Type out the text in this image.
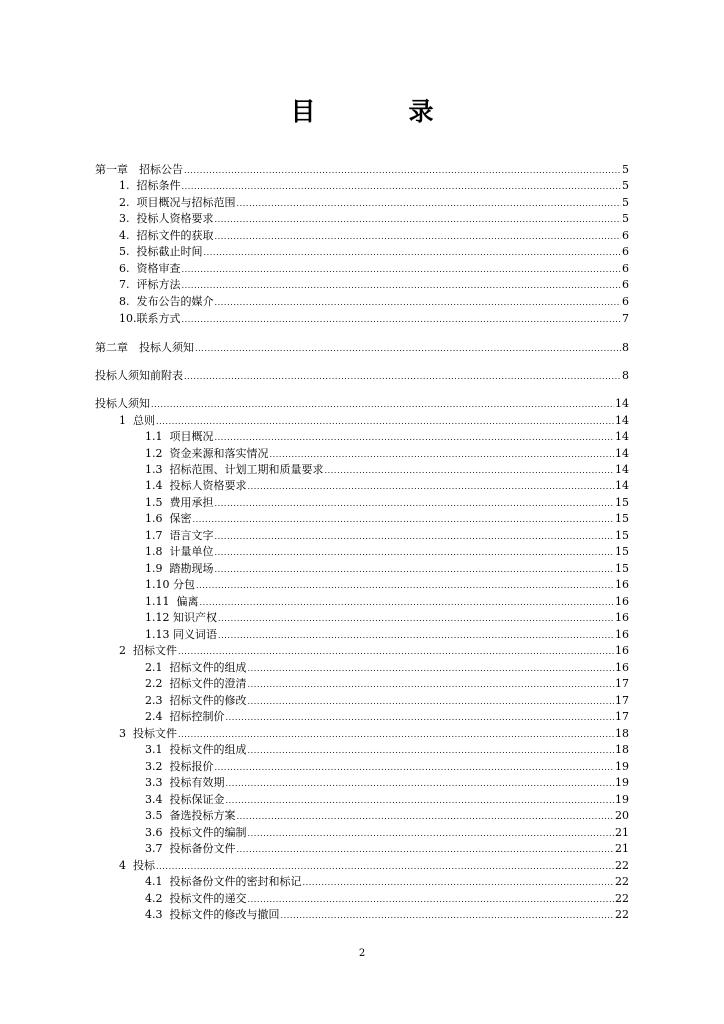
目　录
第一章　招标公告 .....	5
1.  招标条件 .....	5
2.  项目概况与招标范围 .....	5
3.  投标人资格要求 .....	5
4.  招标文件的获取 .....	6
5.  投标截止时间 .....	6
6.  资格审查 .....	6
7.  评标方法 .....	6
8.  发布公告的媒介 .....	6
10.联系方式 .....	7
第二章　投标人须知 .....	8
投标人须知前附表 .....	8
投标人须知 .....	14
1  总则 .....	14
1.1  项目概况 .....	14
1.2  资金来源和落实情况 .....	14
1.3  招标范围、计划工期和质量要求 .....	14
1.4  投标人资格要求 .....	14
1.5  费用承担 .....	15
1.6  保密 .....	15
1.7  语言文字 .....	15
1.8  计量单位 .....	15
1.9  踏勘现场 .....	15
1.10 分包 .....	16
1.11  偏离 .....	16
1.12 知识产权 .....	16
1.13 同义词语 .....	16
2  招标文件 .....	16
2.1  招标文件的组成 .....	16
2.2  招标文件的澄清 .....	17
2.3  招标文件的修改 .....	17
2.4  招标控制价 .....	17
3  投标文件 .....	18
3.1  投标文件的组成 .....	18
3.2  投标报价 .....	19
3.3  投标有效期 .....	19
3.4  投标保证金 .....	19
3.5  备选投标方案 .....	20
3.6  投标文件的编制 .....	21
3.7  投标备份文件 .....	21
4  投标 .....	22
4.1  投标备份文件的密封和标记 .....	22
4.2  投标文件的递交 .....	22
4.3  投标文件的修改与撤回 .....	22
2
